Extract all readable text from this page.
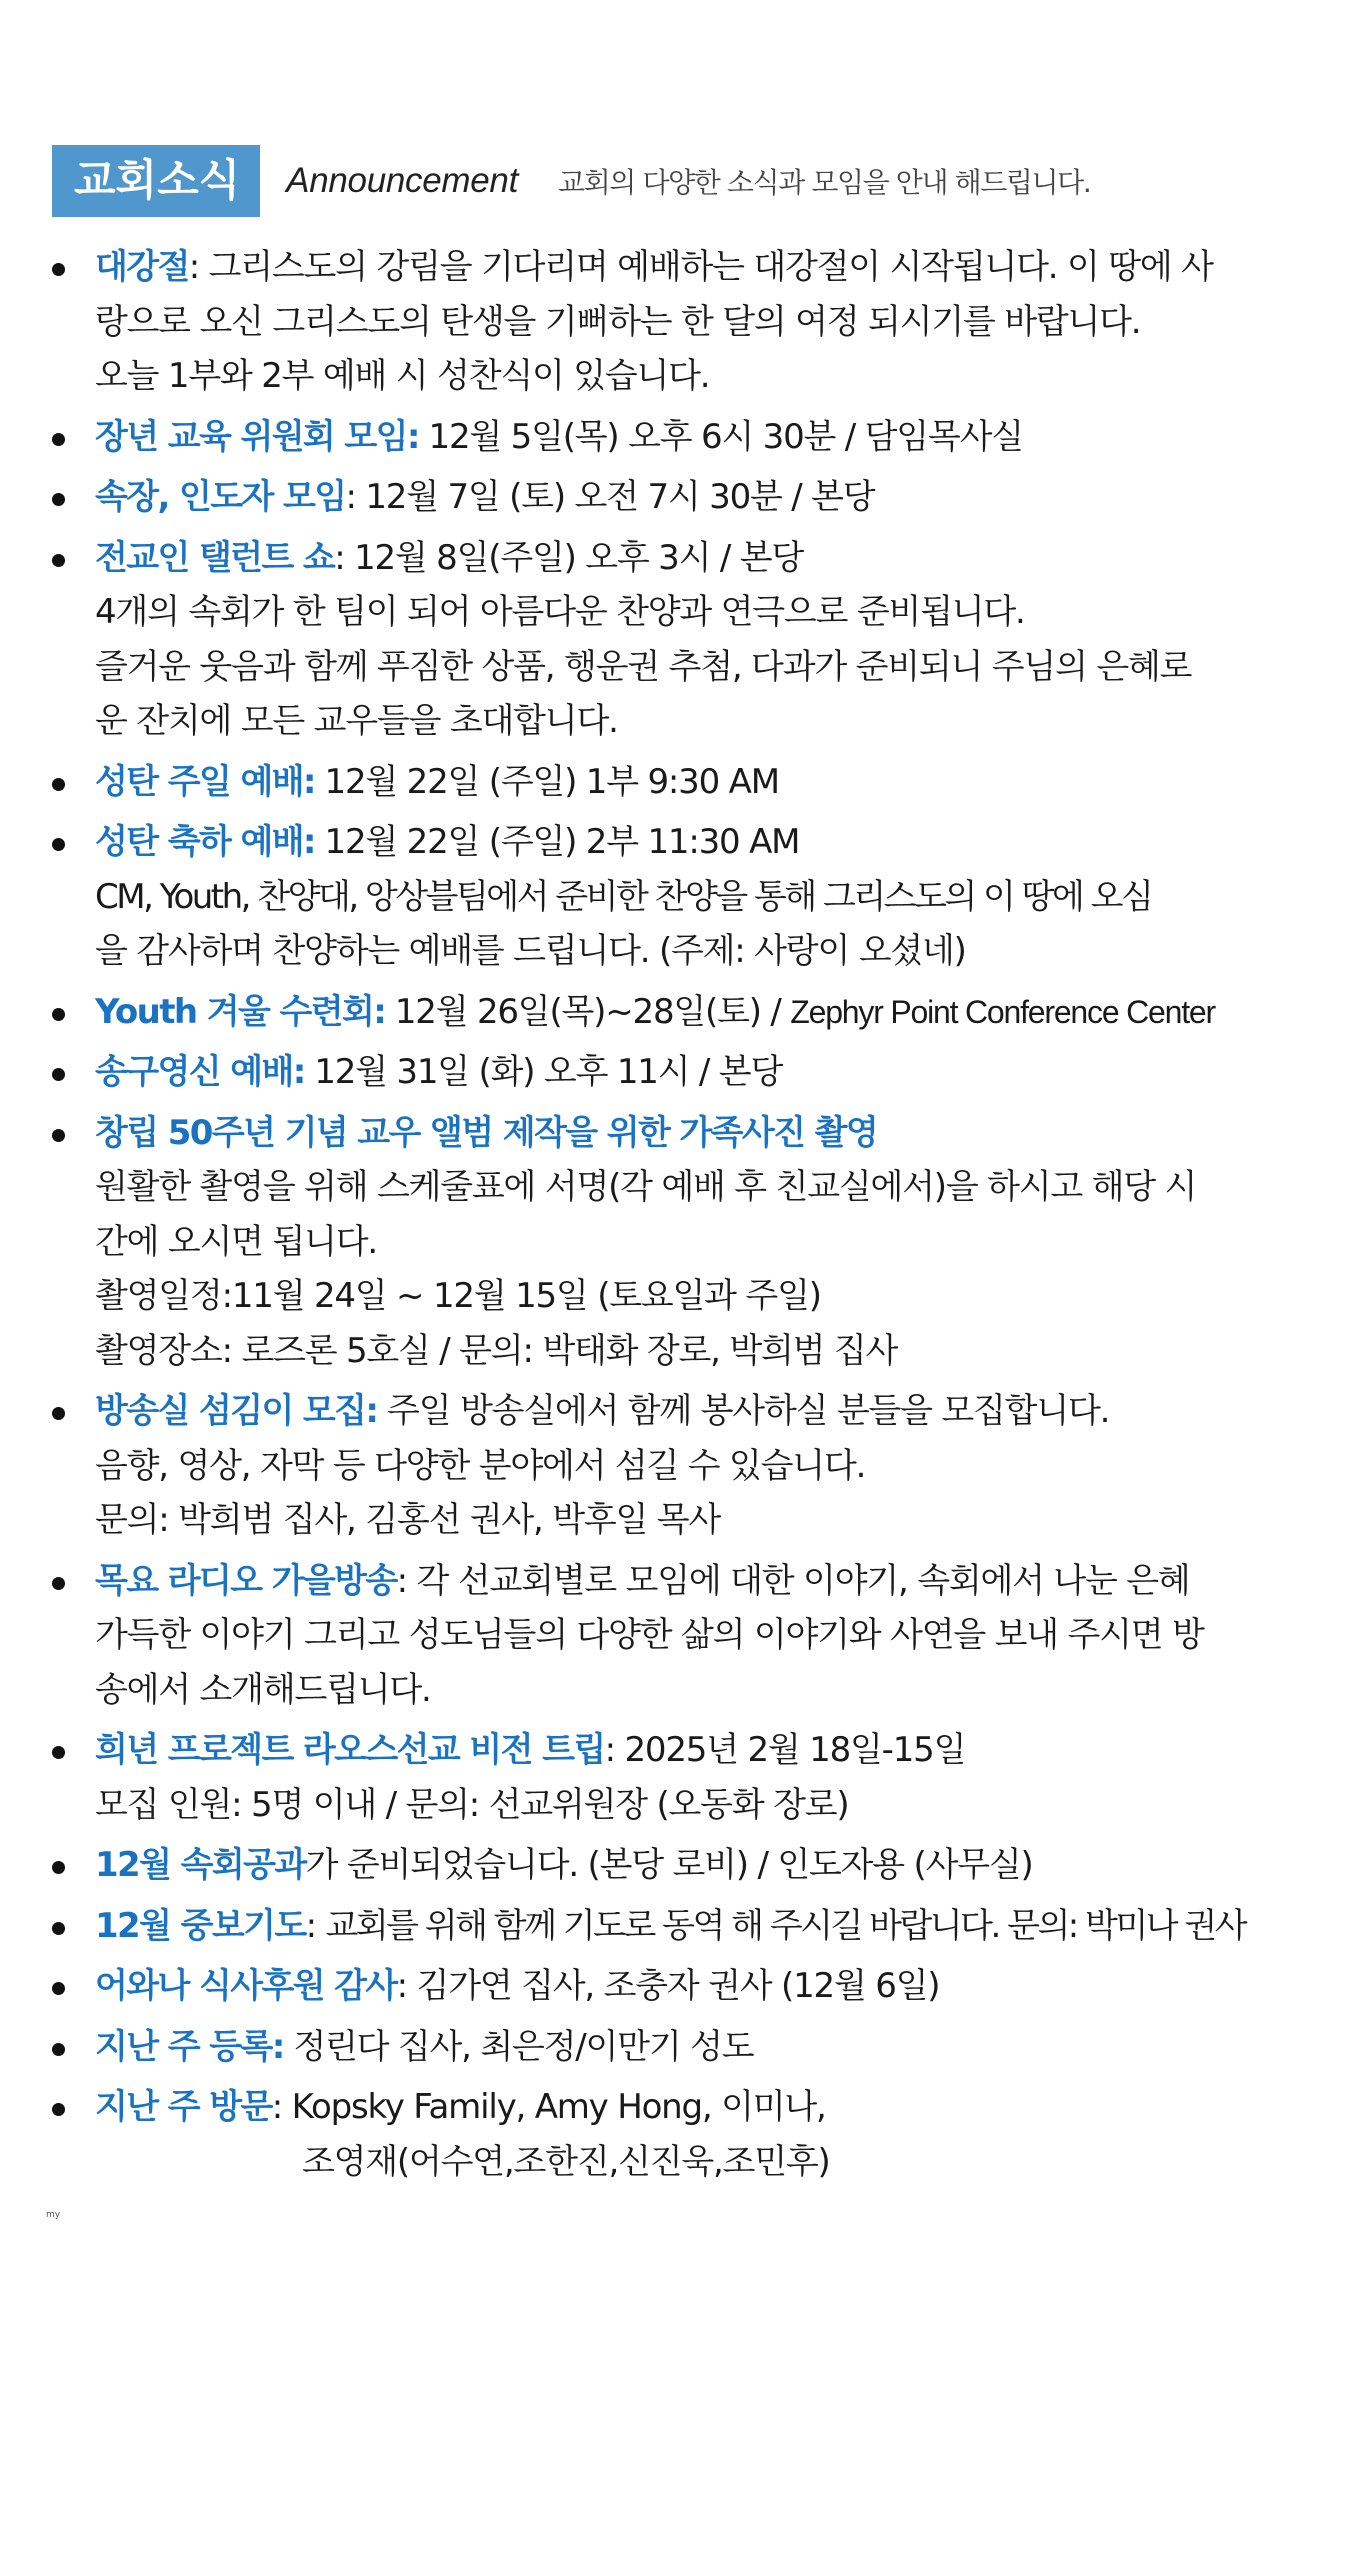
교회소식	Announcement 교회의 다양한 소식과 모임을 안내 해드립니다.
대강절: 그리스도의 강림을 기다리며 예배하는 대강절이 시작됩니다. 이 땅에 사
랑으로 오신 그리스도의 탄생을 기뻐하는 한 달의 여정 되시기를 바랍니다.
오늘 1부와 2부 예배 시 성찬식이 있습니다.
장년 교육 위원회 모임: 12월 5일(목) 오후 6시 30분 / 담임목사실
속장, 인도자 모임: 12월 7일 (토) 오전 7시 30분 / 본당
전교인 탤런트 쇼: 12월 8일(주일) 오후 3시 / 본당
4개의 속회가 한 팀이 되어 아름다운 찬양과 연극으로 준비됩니다.
즐거운 웃음과 함께 푸짐한 상품, 행운권 추첨, 다과가 준비되니 주님의 은혜로
운 잔치에 모든 교우들을 초대합니다.
성탄 주일 예배: 12월 22일 (주일) 1부 9:30 AM
성탄 축하 예배: 12월 22일 (주일) 2부 11:30 AM
CM, Youth, 찬양대, 앙상블팀에서 준비한 찬양을 통해 그리스도의 이 땅에 오심
을 감사하며 찬양하는 예배를 드립니다. (주제: 사랑이 오셨네)
Youth 겨울 수련회: 12월 26일(목)~28일(토) / Zephyr Point Conference Center
송구영신 예배: 12월 31일 (화) 오후 11시 / 본당
창립 50주년 기념 교우 앨범 제작을 위한 가족사진 촬영
원활한 촬영을 위해 스케줄표에 서명(각 예배 후 친교실에서)을 하시고 해당 시
간에 오시면 됩니다.
촬영일정:11월 24일 ~ 12월 15일 (토요일과 주일)
촬영장소: 로즈론 5호실 / 문의: 박태화 장로, 박희범 집사
방송실 섬김이 모집: 주일 방송실에서 함께 봉사하실 분들을 모집합니다.
음향, 영상, 자막 등 다양한 분야에서 섬길 수 있습니다.
문의: 박희범 집사, 김홍선 권사, 박후일 목사
목요 라디오 가을방송: 각 선교회별로 모임에 대한 이야기, 속회에서 나눈 은혜
가득한 이야기 그리고 성도님들의 다양한 삶의 이야기와 사연을 보내 주시면 방
송에서 소개해드립니다.
희년 프로젝트 라오스선교 비전 트립: 2025년 2월 18일-15일
모집 인원: 5명 이내 / 문의: 선교위원장 (오동화 장로)
12월 속회공과가 준비되었습니다. (본당 로비) / 인도자용 (사무실)
12월 중보기도: 교회를 위해 함께 기도로 동역 해 주시길 바랍니다. 문의: 박미나 권사
어와나 식사후원 감사: 김가연 집사, 조충자 권사 (12월 6일)
지난 주 등록: 정린다 집사, 최은정/이만기 성도
지난 주 방문: Kopsky Family, Amy Hong, 이미나,
조영재(어수연,조한진,신진욱,조민후)
my
